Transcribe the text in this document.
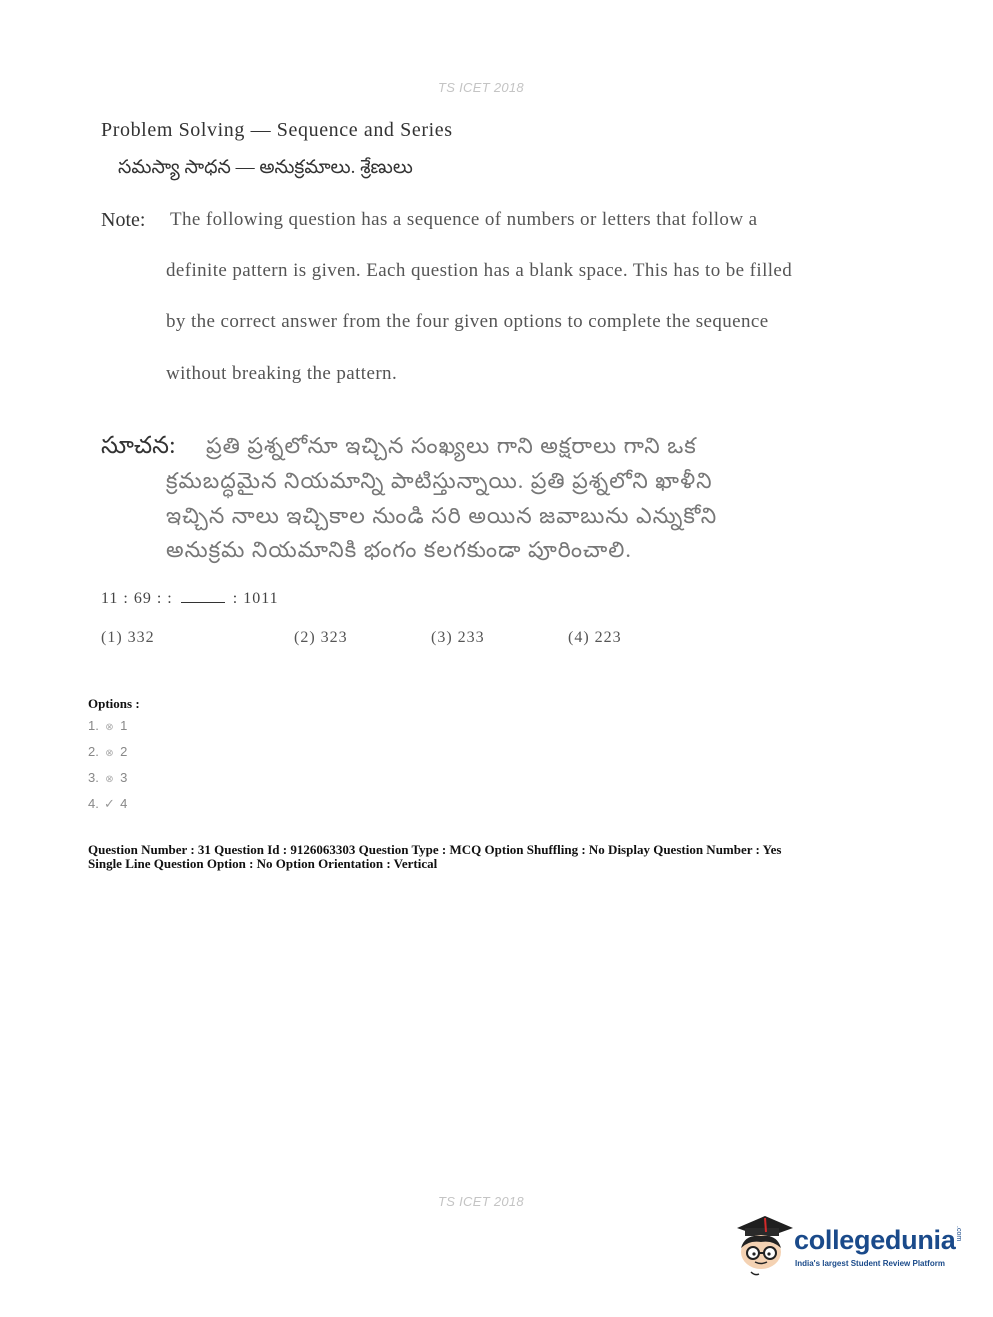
TS ICET 2018
Problem Solving — Sequence and Series
సమస్యా సాధన — అనుక్రమాలు. శ్రేణులు
Note: The following question has a sequence of numbers or letters that follow a
definite pattern is given. Each question has a blank space. This has to be filled
by the correct answer from the four given options to complete the sequence
without breaking the pattern.
సూచన: ప్రతి ప్రశ్నలోనూ ఇచ్చిన సంఖ్యలు గాని అక్షరాలు గాని ఒక
క్రమబద్ధమైన నియమాన్ని పాటిస్తున్నాయి. ప్రతి ప్రశ్నలోని ఖాళీని
ఇచ్చిన నాలు ఇచ్చికాల నుండి సరి అయిన జవాబును ఎన్నుకోని
అనుక్రమ నియమానికి భంగం కలగకుండా పూరించాలి.
11 : 69 : :	: 1011
(1) 332	(2) 323	(3) 233	(4) 223
Options :
1. ⊗ 1
2. ⊗ 2
3. ⊗ 3
4. ✓ 4
Question Number : 31 Question Id : 9126063303 Question Type : MCQ Option Shuffling : No Display Question Number : Yes
Single Line Question Option : No Option Orientation : Vertical
TS ICET 2018
collegedunia .com
India's largest Student Review Platform
